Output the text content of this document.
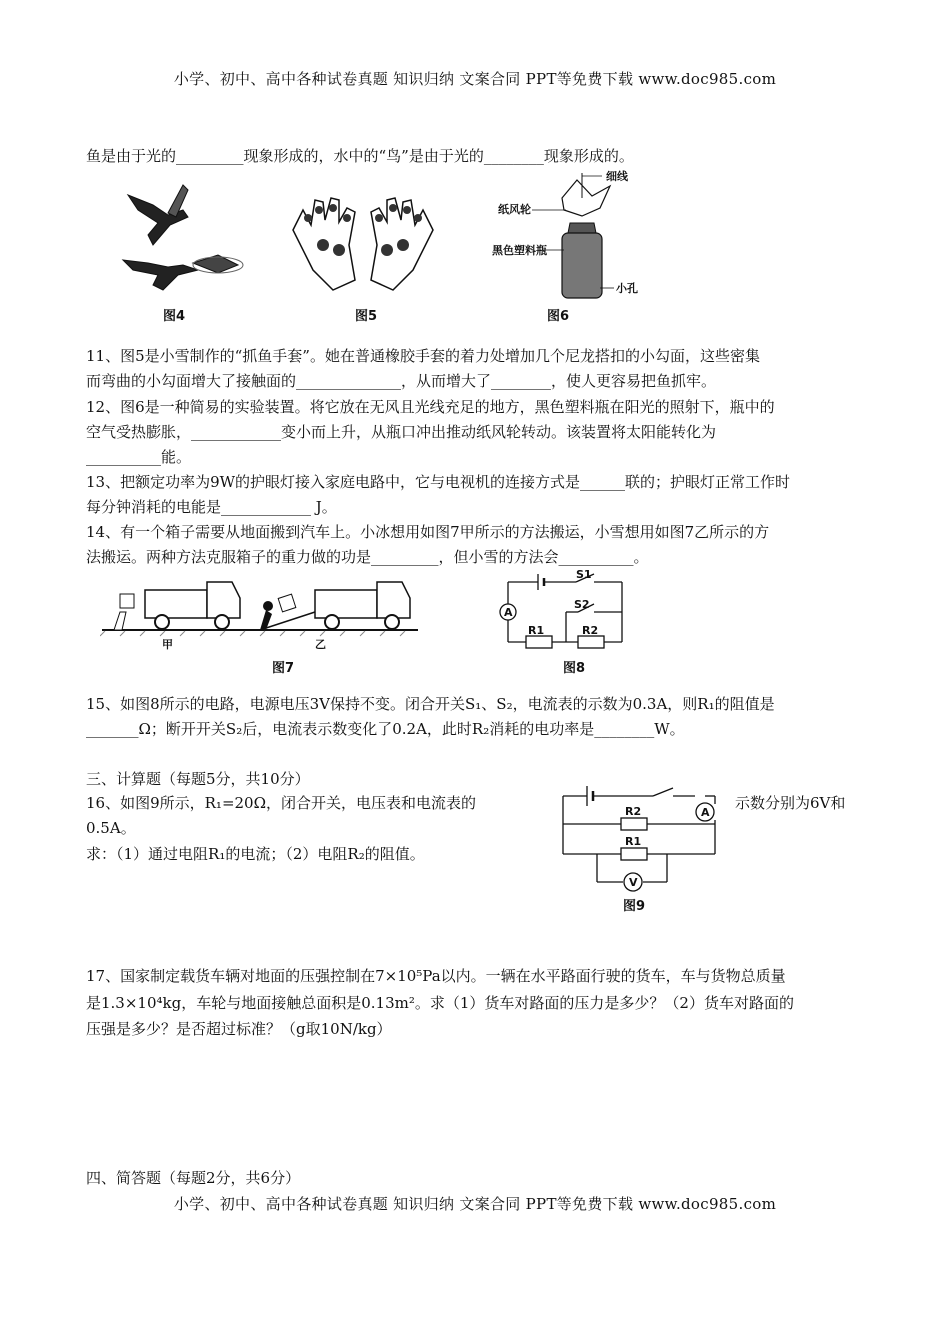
小学、初中、高中各种试卷真题 知识归纳 文案合同 PPT等免费下载 www.doc985.com
鱼是由于光的_________现象形成的，水中的“鸟”是由于光的________现象形成的。
图4	图5
细线
纸风轮
黑色塑料瓶
小孔
图6
11、图5是小雪制作的“抓鱼手套”。她在普通橡胶手套的着力处增加几个尼龙搭扣的小勾面，这些密集
而弯曲的小勾面增大了接触面的______________，从而增大了________，使人更容易把鱼抓牢。
12、图6是一种简易的实验装置。将它放在无风且光线充足的地方，黑色塑料瓶在阳光的照射下，瓶中的
空气受热膨胀，____________变小而上升，从瓶口冲出推动纸风轮转动。该装置将太阳能转化为
__________能。
13、把额定功率为9W的护眼灯接入家庭电路中，它与电视机的连接方式是______联的；护眼灯正常工作时
每分钟消耗的电能是____________ J。
14、有一个箱子需要从地面搬到汽车上。小冰想用如图7甲所示的方法搬运，小雪想用如图7乙所示的方
法搬运。两种方法克服箱子的重力做的功是_________，但小雪的方法会__________。
甲	乙
图7
A
S1
S2
R1	R2
图8
15、如图8所示的电路，电源电压3V保持不变。闭合开关S₁、S₂，电流表的示数为0.3A，则R₁的阻值是
_______Ω；断开开关S₂后，电流表示数变化了0.2A，此时R₂消耗的电功率是________W。
三、计算题（每题5分，共10分）
16、如图9所示，R₁=20Ω，闭合开关，电压表和电流表的	示数分别为6V和
0.5A。
求：（1）通过电阻R₁的电流；（2）电阻R₂的阻值。
A
V
R2
R1
图9
17、国家制定载货车辆对地面的压强控制在7×10⁵Pa以内。一辆在水平路面行驶的货车，车与货物总质量
是1.3×10⁴kg，车轮与地面接触总面积是0.13m²。求（1）货车对路面的压力是多少？（2）货车对路面的
压强是多少？是否超过标准？（g取10N/kg）
四、简答题（每题2分，共6分）
小学、初中、高中各种试卷真题 知识归纳 文案合同 PPT等免费下载 www.doc985.com
